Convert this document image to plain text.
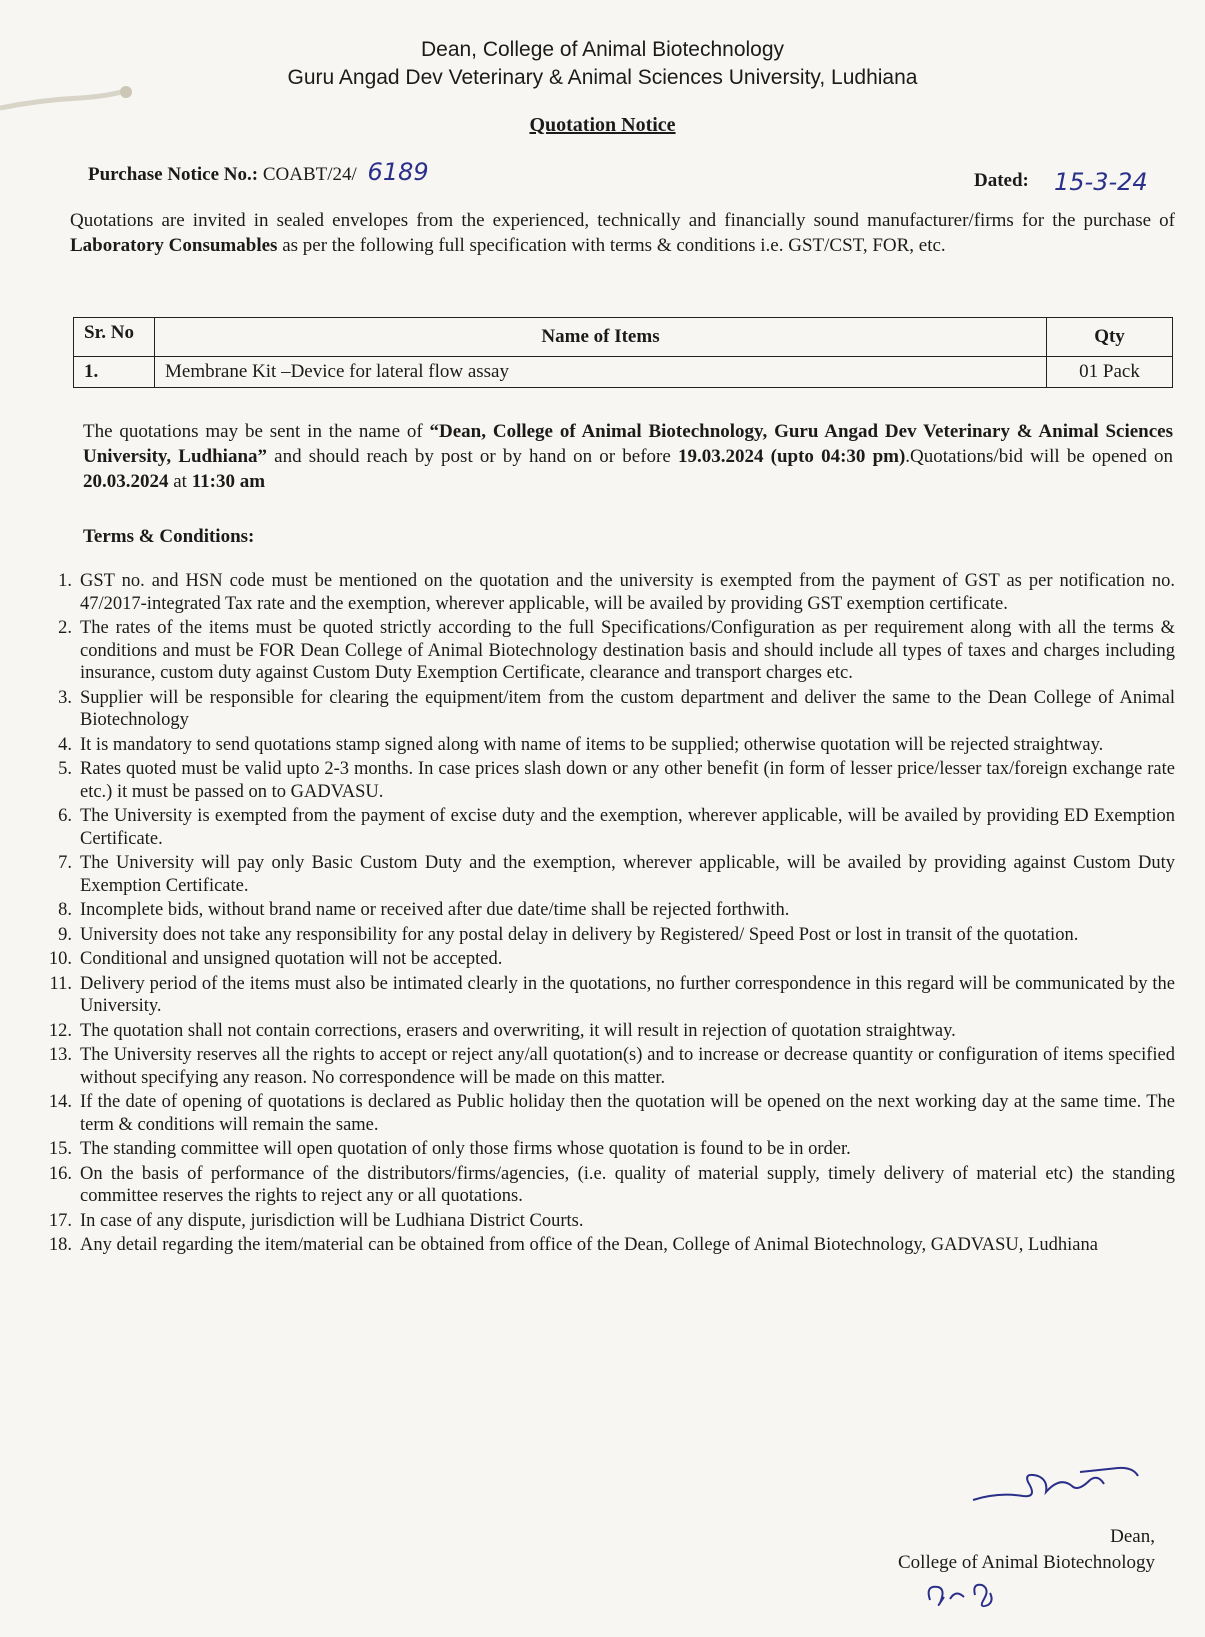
Dean, College of Animal Biotechnology
Guru Angad Dev Veterinary & Animal Sciences University, Ludhiana
Quotation Notice
Purchase Notice No.: COABT/24/ 6189	Dated: 15-3-24
Quotations are invited in sealed envelopes from the experienced, technically and financially sound manufacturer/firms for the purchase of Laboratory Consumables as per the following full specification with terms & conditions i.e. GST/CST, FOR, etc.
Sr. No	Name of Items	Qty
1.	Membrane Kit –Device for lateral flow assay	01 Pack
The quotations may be sent in the name of “Dean, College of Animal Biotechnology, Guru Angad Dev Veterinary & Animal Sciences University, Ludhiana” and should reach by post or by hand on or before 19.03.2024 (upto 04:30 pm).Quotations/bid will be opened on 20.03.2024 at 11:30 am
Terms & Conditions:
1. GST no. and HSN code must be mentioned on the quotation and the university is exempted from the payment of GST as per notification no. 47/2017-integrated Tax rate and the exemption, wherever applicable, will be availed by providing GST exemption certificate.
2. The rates of the items must be quoted strictly according to the full Specifications/Configuration as per requirement along with all the terms & conditions and must be FOR Dean College of Animal Biotechnology destination basis and should include all types of taxes and charges including insurance, custom duty against Custom Duty Exemption Certificate, clearance and transport charges etc.
3. Supplier will be responsible for clearing the equipment/item from the custom department and deliver the same to the Dean College of Animal Biotechnology
4. It is mandatory to send quotations stamp signed along with name of items to be supplied; otherwise quotation will be rejected straightway.
5. Rates quoted must be valid upto 2-3 months. In case prices slash down or any other benefit (in form of lesser price/lesser tax/foreign exchange rate etc.) it must be passed on to GADVASU.
6. The University is exempted from the payment of excise duty and the exemption, wherever applicable, will be availed by providing ED Exemption Certificate.
7. The University will pay only Basic Custom Duty and the exemption, wherever applicable, will be availed by providing against Custom Duty Exemption Certificate.
8. Incomplete bids, without brand name or received after due date/time shall be rejected forthwith.
9. University does not take any responsibility for any postal delay in delivery by Registered/ Speed Post or lost in transit of the quotation.
10. Conditional and unsigned quotation will not be accepted.
11. Delivery period of the items must also be intimated clearly in the quotations, no further correspondence in this regard will be communicated by the University.
12. The quotation shall not contain corrections, erasers and overwriting, it will result in rejection of quotation straightway.
13. The University reserves all the rights to accept or reject any/all quotation(s) and to increase or decrease quantity or configuration of items specified without specifying any reason. No correspondence will be made on this matter.
14. If the date of opening of quotations is declared as Public holiday then the quotation will be opened on the next working day at the same time. The term & conditions will remain the same.
15. The standing committee will open quotation of only those firms whose quotation is found to be in order.
16. On the basis of performance of the distributors/firms/agencies, (i.e. quality of material supply, timely delivery of material etc) the standing committee reserves the rights to reject any or all quotations.
17. In case of any dispute, jurisdiction will be Ludhiana District Courts.
18. Any detail regarding the item/material can be obtained from office of the Dean, College of Animal Biotechnology, GADVASU, Ludhiana
Dean,
College of Animal Biotechnology
